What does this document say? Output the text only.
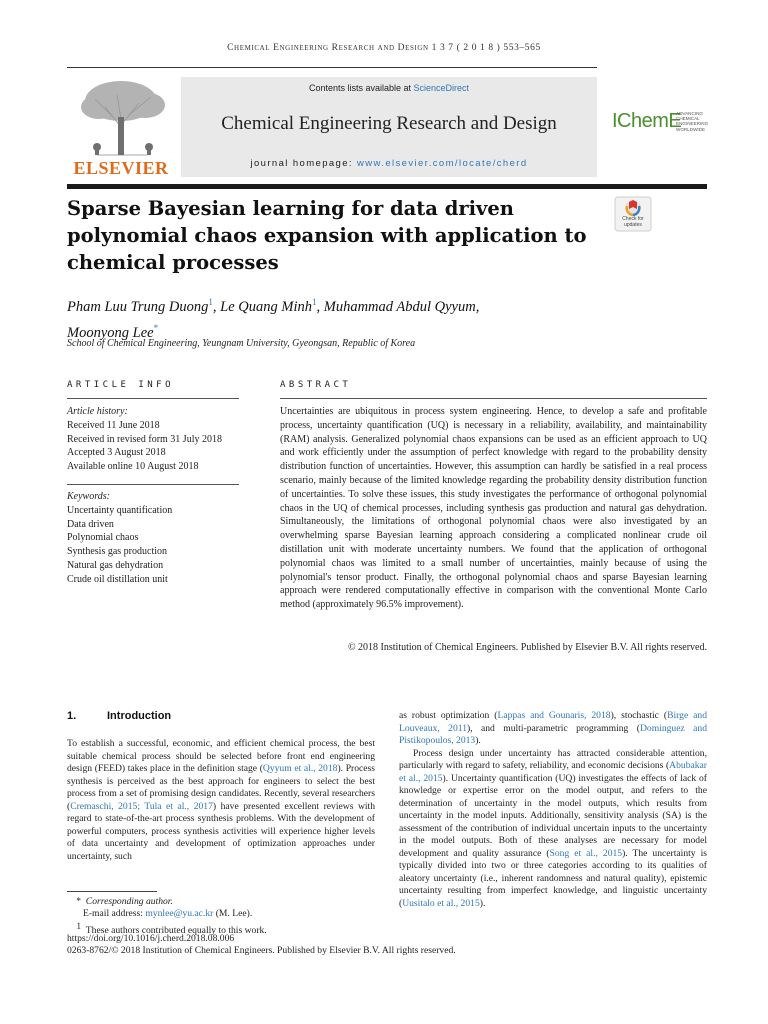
Chemical Engineering Research and Design 1 3 7 ( 2 0 1 8 ) 553–565
ELSEVIER
Contents lists available at ScienceDirect
Chemical Engineering Research and Design
journal homepage: www.elsevier.com/locate/cherd
IChemE
ADVANCING
CHEMICAL
ENGINEERING
WORLDWIDE
Sparse Bayesian learning for data driven polynomial chaos expansion with application to chemical processes
Check for
updates
Pham Luu Trung Duong$^1$, Le Quang Minh$^1$, Muhammad Abdul Qyyum,
Moonyong Lee*
School of Chemical Engineering, Yeungnam University, Gyeongsan, Republic of Korea
ARTICLE INFO	ABSTRACT
Article history:
Received 11 June 2018
Received in revised form 31 July 2018
Accepted 3 August 2018
Available online 10 August 2018
Keywords:
Uncertainty quantification
Data driven
Polynomial chaos
Synthesis gas production
Natural gas dehydration
Crude oil distillation unit
Uncertainties are ubiquitous in process system engineering. Hence, to develop a safe and profitable process, uncertainty quantification (UQ) is necessary in a reliability, availability, and maintainability (RAM) analysis. Generalized polynomial chaos expansions can be used as an efficient approach to UQ and work efficiently under the assumption of perfect knowledge with regard to the probability density distribution function of uncertainties. However, this assumption can hardly be satisfied in a real process scenario, mainly because of the limited knowledge regarding the probability density distribution function of uncertainties. To solve these issues, this study investigates the performance of orthogonal polynomial chaos in the UQ of chemical processes, including synthesis gas production and natural gas dehydration. Simultaneously, the limitations of orthogonal polynomial chaos were also investigated by an overwhelming sparse Bayesian learning approach considering a complicated nonlinear crude oil distillation unit with moderate uncertainty numbers. We found that the application of orthogonal polynomial chaos was limited to a small number of uncertainties, mainly because of using the polynomial's tensor product. Finally, the orthogonal polynomial chaos and sparse Bayesian learning approach were rendered computationally effective in comparison with the conventional Monte Carlo method (approximately 96.5% improvement).
© 2018 Institution of Chemical Engineers. Published by Elsevier B.V. All rights reserved.
1.	Introduction

To establish a successful, economic, and efficient chemical process, the best suitable chemical process should be selected before front end engineering design (FEED) takes place in the definition stage (Qyyum et al., 2018). Process synthesis is perceived as the best approach for engineers to select the best process from a set of promising design candidates. Recently, several researchers (Cremaschi, 2015; Tula et al., 2017) have presented excellent reviews with regard to state-of-the-art process synthesis problems. With the development of powerful computers, process synthesis activities will experience higher levels of data uncertainty and development of optimization approaches under uncertainty, such

as robust optimization (Lappas and Gounaris, 2018), stochastic (Birge and Louveaux, 2011), and multi-parametric programming (Dominguez and Pistikopoulos, 2013).

Process design under uncertainty has attracted considerable attention, particularly with regard to safety, reliability, and economic decisions (Abubakar et al., 2015). Uncertainty quantification (UQ) investigates the effects of lack of knowledge or expertise error on the model output, and refers to the determination of uncertainty in the model outputs, which results from uncertainty in the model inputs. Additionally, sensitivity analysis (SA) is the assessment of the contribution of individual uncertain inputs to the uncertainty in the model outputs. Both of these analyses are necessary for model development and quality assurance (Song et al., 2015). The uncertainty is typically divided into two or three categories according to its qualities of aleatory uncertainty (i.e., inherent randomness and natural quality), epistemic uncertainty resulting from imperfect knowledge, and linguistic uncertainty (Uusitalo et al., 2015).

* Corresponding author.
E-mail address: mynlee@yu.ac.kr (M. Lee).
$^1$ These authors contributed equally to this work.
https://doi.org/10.1016/j.cherd.2018.08.006
0263-8762/© 2018 Institution of Chemical Engineers. Published by Elsevier B.V. All rights reserved.
